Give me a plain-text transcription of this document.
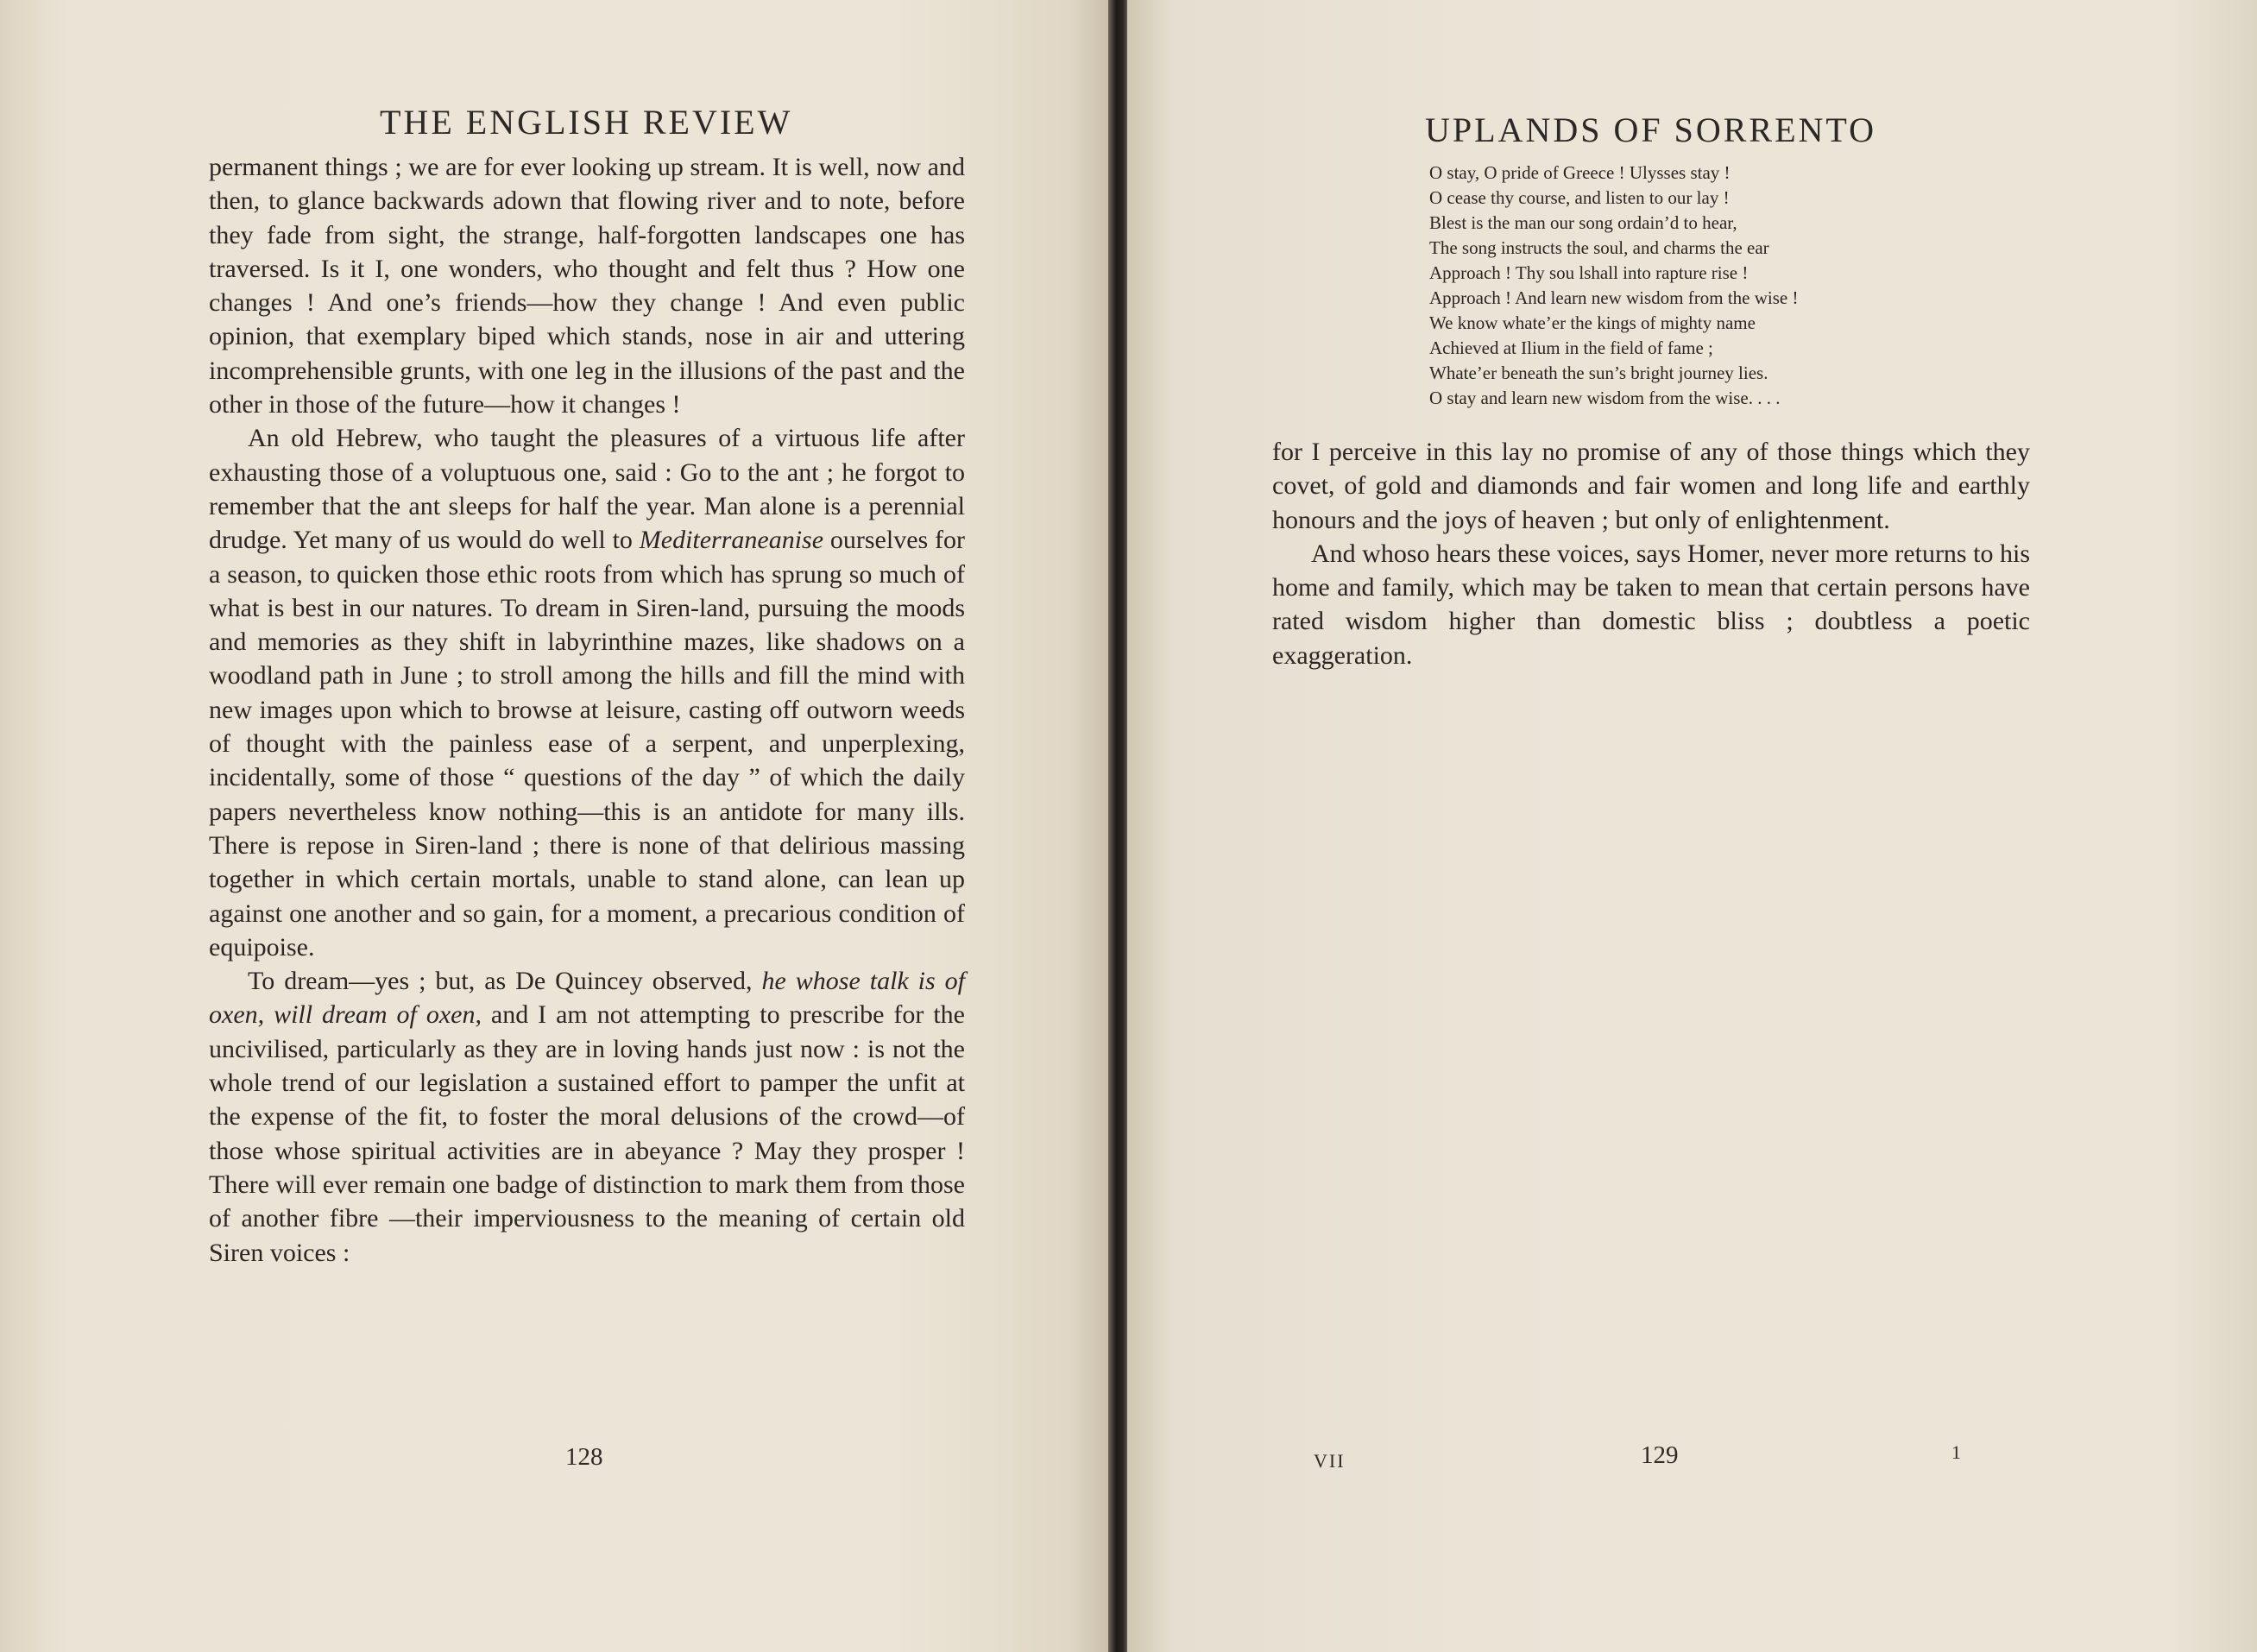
THE ENGLISH REVIEW

permanent things ; we are for ever looking up stream. It is well, now and then, to glance backwards adown that flowing river and to note, before they fade from sight, the strange, half-forgotten landscapes one has traversed. Is it I, one wonders, who thought and felt thus ? How one changes ! And one’s friends—how they change ! And even public opinion, that exemplary biped which stands, nose in air and uttering incomprehensible grunts, with one leg in the illusions of the past and the other in those of the future—how it changes !

An old Hebrew, who taught the pleasures of a virtuous life after exhausting those of a voluptuous one, said : Go to the ant ; he forgot to remember that the ant sleeps for half the year. Man alone is a perennial drudge. Yet many of us would do well to Mediterraneanise ourselves for a season, to quicken those ethic roots from which has sprung so much of what is best in our natures. To dream in Siren-land, pursuing the moods and memories as they shift in labyrinthine mazes, like shadows on a woodland path in June ; to stroll among the hills and fill the mind with new images upon which to browse at leisure, casting off outworn weeds of thought with the painless ease of a serpent, and unperplexing, incidentally, some of those “ questions of the day ” of which the daily papers nevertheless know nothing—this is an antidote for many ills. There is repose in Siren-land ; there is none of that delirious massing together in which certain mortals, unable to stand alone, can lean up against one another and so gain, for a moment, a precarious condition of equipoise.

To dream—yes ; but, as De Quincey observed, he whose talk is of oxen, will dream of oxen, and I am not attempting to prescribe for the uncivilised, particularly as they are in loving hands just now : is not the whole trend of our legislation a sustained effort to pamper the unfit at the expense of the fit, to foster the moral delusions of the crowd—of those whose spiritual activities are in abeyance ? May they prosper ! There will ever remain one badge of distinction to mark them from those of another fibre —their imperviousness to the meaning of certain old Siren voices :

128
UPLANDS OF SORRENTO
O stay, O pride of Greece ! Ulysses stay !
O cease thy course, and listen to our lay !
Blest is the man our song ordain’d to hear,
The song instructs the soul, and charms the ear
Approach ! Thy sou lshall into rapture rise !
Approach ! And learn new wisdom from the wise !
We know whate’er the kings of mighty name
Achieved at Ilium in the field of fame ;
Whate’er beneath the sun’s bright journey lies.
O stay and learn new wisdom from the wise. . . .

for I perceive in this lay no promise of any of those things which they covet, of gold and diamonds and fair women and long life and earthly honours and the joys of heaven ; but only of enlightenment.

And whoso hears these voices, says Homer, never more returns to his home and family, which may be taken to mean that certain persons have rated wisdom higher than domestic bliss ; doubtless a poetic exaggeration.

VII	129	1
